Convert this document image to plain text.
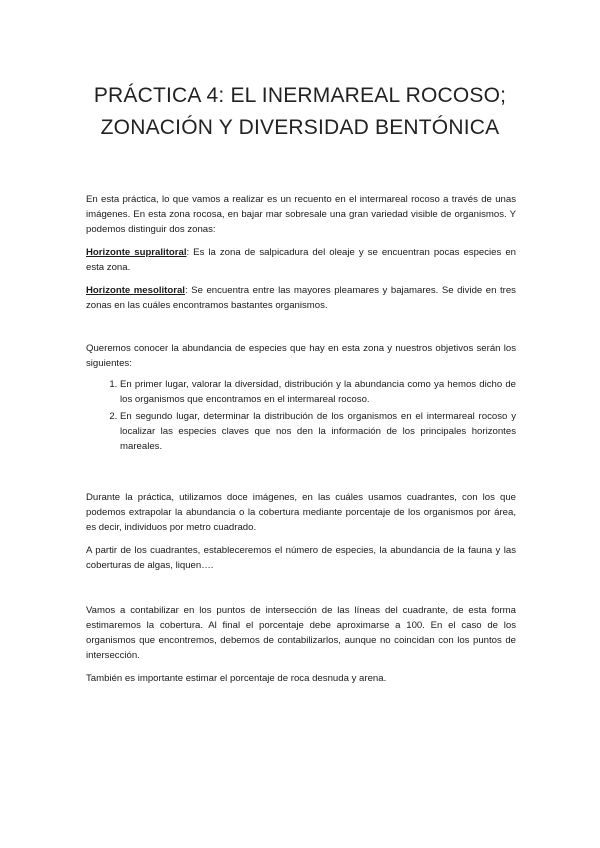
PRÁCTICA 4: EL INERMAREAL ROCOSO;
ZONACIÓN Y DIVERSIDAD BENTÓNICA

En esta práctica, lo que vamos a realizar es un recuento en el intermareal rocoso a través de unas imágenes. En esta zona rocosa, en bajar mar sobresale una gran variedad visible de organismos. Y podemos distinguir dos zonas:

Horizonte supralitoral: Es la zona de salpicadura del oleaje y se encuentran pocas especies en esta zona.

Horizonte mesolitoral: Se encuentra entre las mayores pleamares y bajamares. Se divide en tres zonas en las cuáles encontramos bastantes organismos.

Queremos conocer la abundancia de especies que hay en esta zona y nuestros objetivos serán los siguientes:

1. En primer lugar, valorar la diversidad, distribución y la abundancia como ya hemos dicho de los organismos que encontramos en el intermareal rocoso.
2. En segundo lugar, determinar la distribución de los organismos en el intermareal rocoso y localizar las especies claves que nos den la información de los principales horizontes mareales.

Durante la práctica, utilizamos doce imágenes, en las cuáles usamos cuadrantes, con los que podemos extrapolar la abundancia o la cobertura mediante porcentaje de los organismos por área, es decir, individuos por metro cuadrado.

A partir de los cuadrantes, estableceremos el número de especies, la abundancia de la fauna y las coberturas de algas, liquen….

Vamos a contabilizar en los puntos de intersección de las líneas del cuadrante, de esta forma estimaremos la cobertura. Al final el porcentaje debe aproximarse a 100. En el caso de los organismos que encontremos, debemos de contabilizarlos, aunque no coincidan con los puntos de intersección.

También es importante estimar el porcentaje de roca desnuda y arena.
